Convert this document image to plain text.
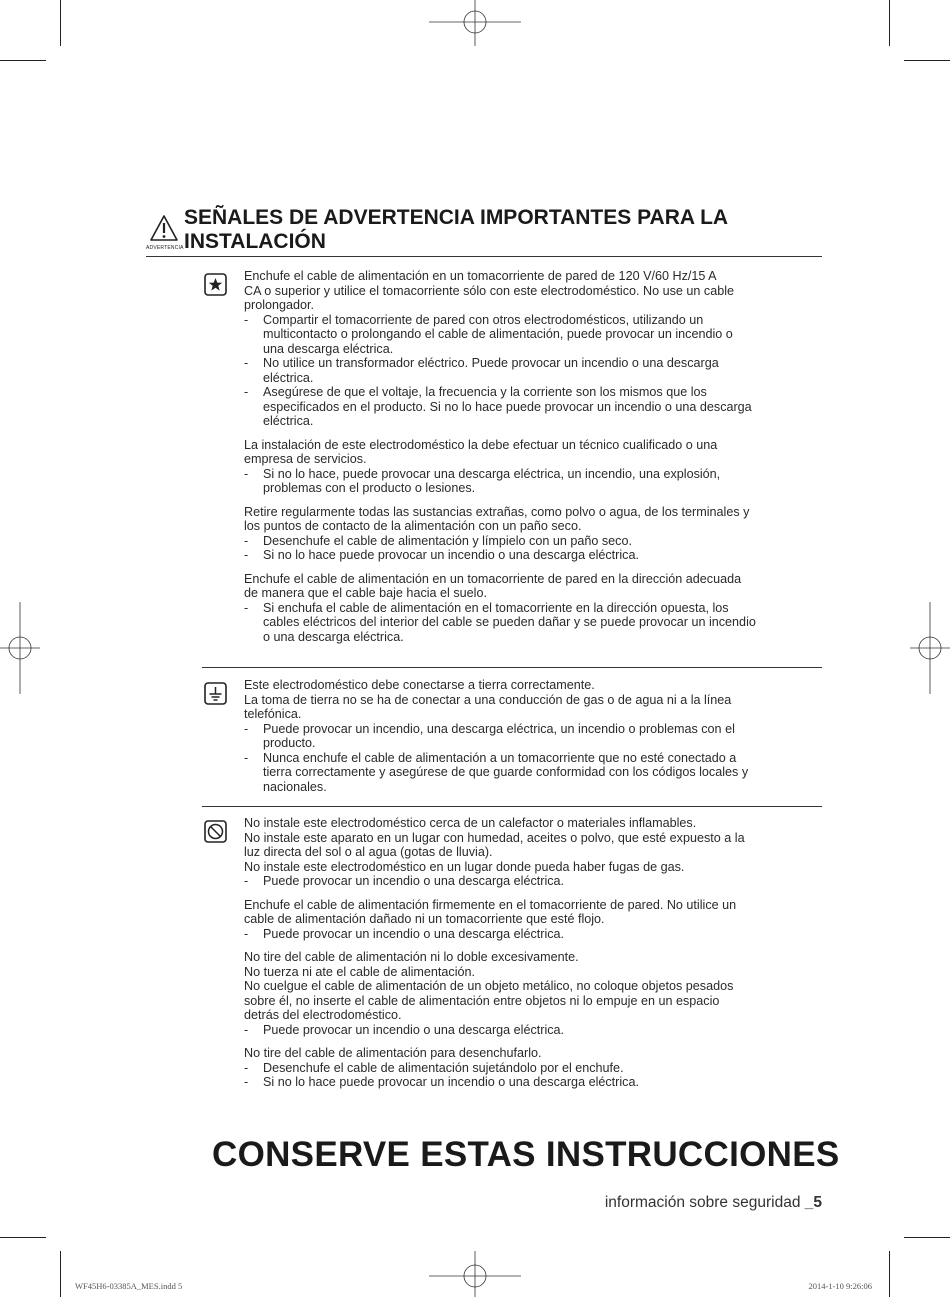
ADVERTENCIA
SEÑALES DE ADVERTENCIA IMPORTANTES PARA LA
INSTALACIÓN
Enchufe el cable de alimentación en un tomacorriente de pared de 120 V/60 Hz/15 A
CA o superior y utilice el tomacorriente sólo con este electrodoméstico. No use un cable
prolongador.
- Compartir el tomacorriente de pared con otros electrodomésticos, utilizando un
multicontacto o prolongando el cable de alimentación, puede provocar un incendio o
una descarga eléctrica.
- No utilice un transformador eléctrico. Puede provocar un incendio o una descarga
eléctrica.
- Asegúrese de que el voltaje, la frecuencia y la corriente son los mismos que los
especificados en el producto. Si no lo hace puede provocar un incendio o una descarga
eléctrica.
La instalación de este electrodoméstico la debe efectuar un técnico cualificado o una
empresa de servicios.
- Si no lo hace, puede provocar una descarga eléctrica, un incendio, una explosión,
problemas con el producto o lesiones.
Retire regularmente todas las sustancias extrañas, como polvo o agua, de los terminales y
los puntos de contacto de la alimentación con un paño seco.
- Desenchufe el cable de alimentación y límpielo con un paño seco.
- Si no lo hace puede provocar un incendio o una descarga eléctrica.
Enchufe el cable de alimentación en un tomacorriente de pared en la dirección adecuada
de manera que el cable baje hacia el suelo.
- Si enchufa el cable de alimentación en el tomacorriente en la dirección opuesta, los
cables eléctricos del interior del cable se pueden dañar y se puede provocar un incendio
o una descarga eléctrica.
Este electrodoméstico debe conectarse a tierra correctamente.
La toma de tierra no se ha de conectar a una conducción de gas o de agua ni a la línea
telefónica.
- Puede provocar un incendio, una descarga eléctrica, un incendio o problemas con el
producto.
- Nunca enchufe el cable de alimentación a un tomacorriente que no esté conectado a
tierra correctamente y asegúrese de que guarde conformidad con los códigos locales y
nacionales.
No instale este electrodoméstico cerca de un calefactor o materiales inflamables.
No instale este aparato en un lugar con humedad, aceites o polvo, que esté expuesto a la
luz directa del sol o al agua (gotas de lluvia).
No instale este electrodoméstico en un lugar donde pueda haber fugas de gas.
- Puede provocar un incendio o una descarga eléctrica.
Enchufe el cable de alimentación firmemente en el tomacorriente de pared. No utilice un
cable de alimentación dañado ni un tomacorriente que esté flojo.
- Puede provocar un incendio o una descarga eléctrica.
No tire del cable de alimentación ni lo doble excesivamente.
No tuerza ni ate el cable de alimentación.
No cuelgue el cable de alimentación de un objeto metálico, no coloque objetos pesados
sobre él, no inserte el cable de alimentación entre objetos ni lo empuje en un espacio
detrás del electrodoméstico.
- Puede provocar un incendio o una descarga eléctrica.
No tire del cable de alimentación para desenchufarlo.
- Desenchufe el cable de alimentación sujetándolo por el enchufe.
- Si no lo hace puede provocar un incendio o una descarga eléctrica.
CONSERVE ESTAS INSTRUCCIONES
información sobre seguridad _5
WF45H6-03385A_MES.indd 5	2014-1-10 9:26:06
